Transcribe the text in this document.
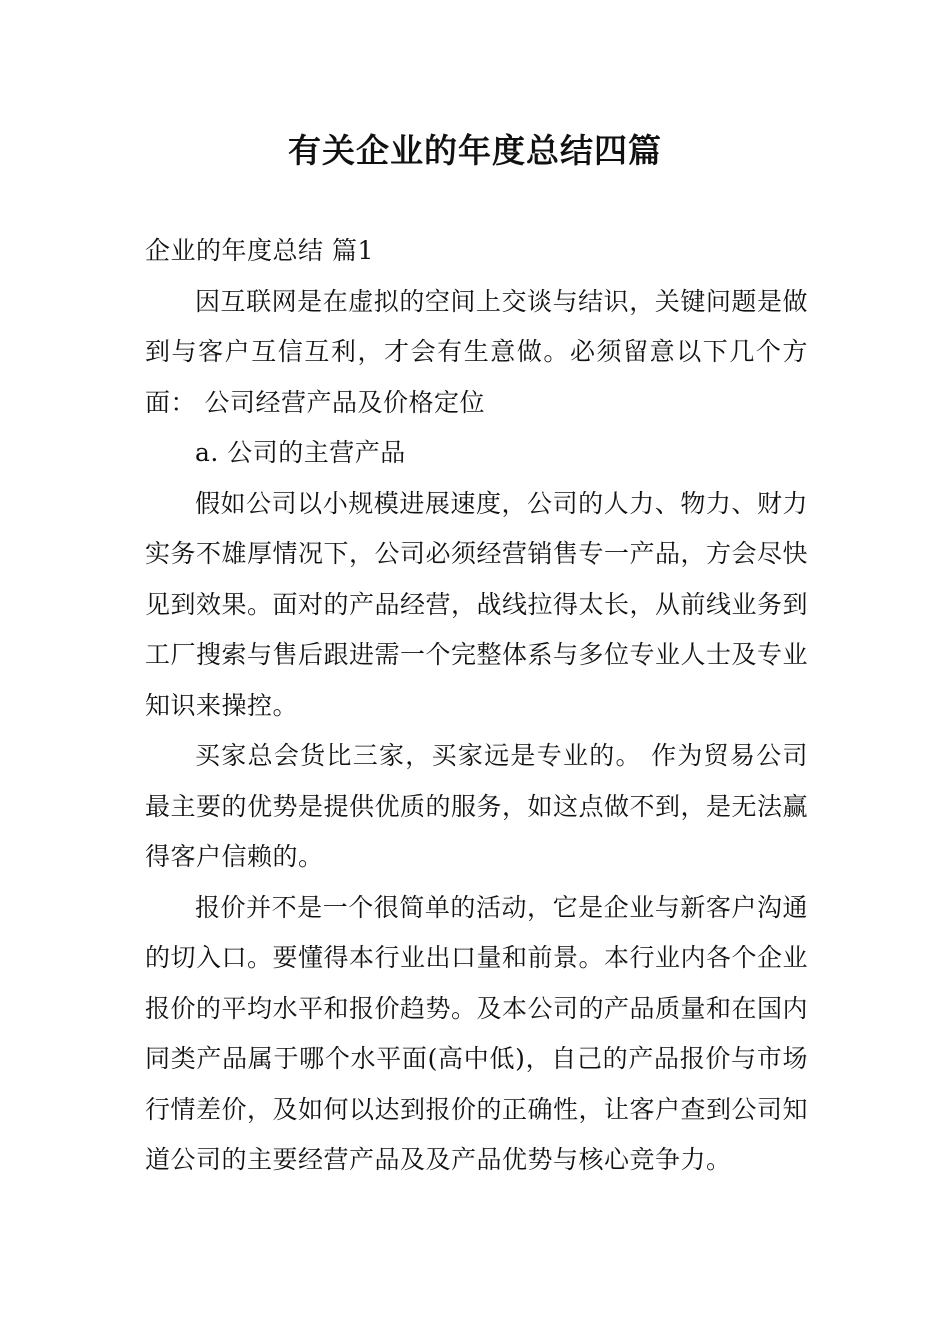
有关企业的年度总结四篇

企业的年度总结 篇1

因互联网是在虚拟的空间上交谈与结识，关键问题是做到与客户互信互利，才会有生意做。必须留意以下几个方面： 公司经营产品及价格定位

a. 公司的主营产品

假如公司以小规模进展速度，公司的人力、物力、财力实务不雄厚情况下，公司必须经营销售专一产品，方会尽快见到效果。面对的产品经营，战线拉得太长，从前线业务到工厂搜索与售后跟进需一个完整体系与多位专业人士及专业知识来操控。

买家总会货比三家，买家远是专业的。 作为贸易公司最主要的优势是提供优质的服务，如这点做不到，是无法赢得客户信赖的。

报价并不是一个很简单的活动，它是企业与新客户沟通的切入口。要懂得本行业出口量和前景。本行业内各个企业报价的平均水平和报价趋势。及本公司的产品质量和在国内同类产品属于哪个水平面(高中低)，自己的产品报价与市场行情差价，及如何以达到报价的正确性，让客户查到公司知道公司的主要经营产品及及产品优势与核心竞争力。
